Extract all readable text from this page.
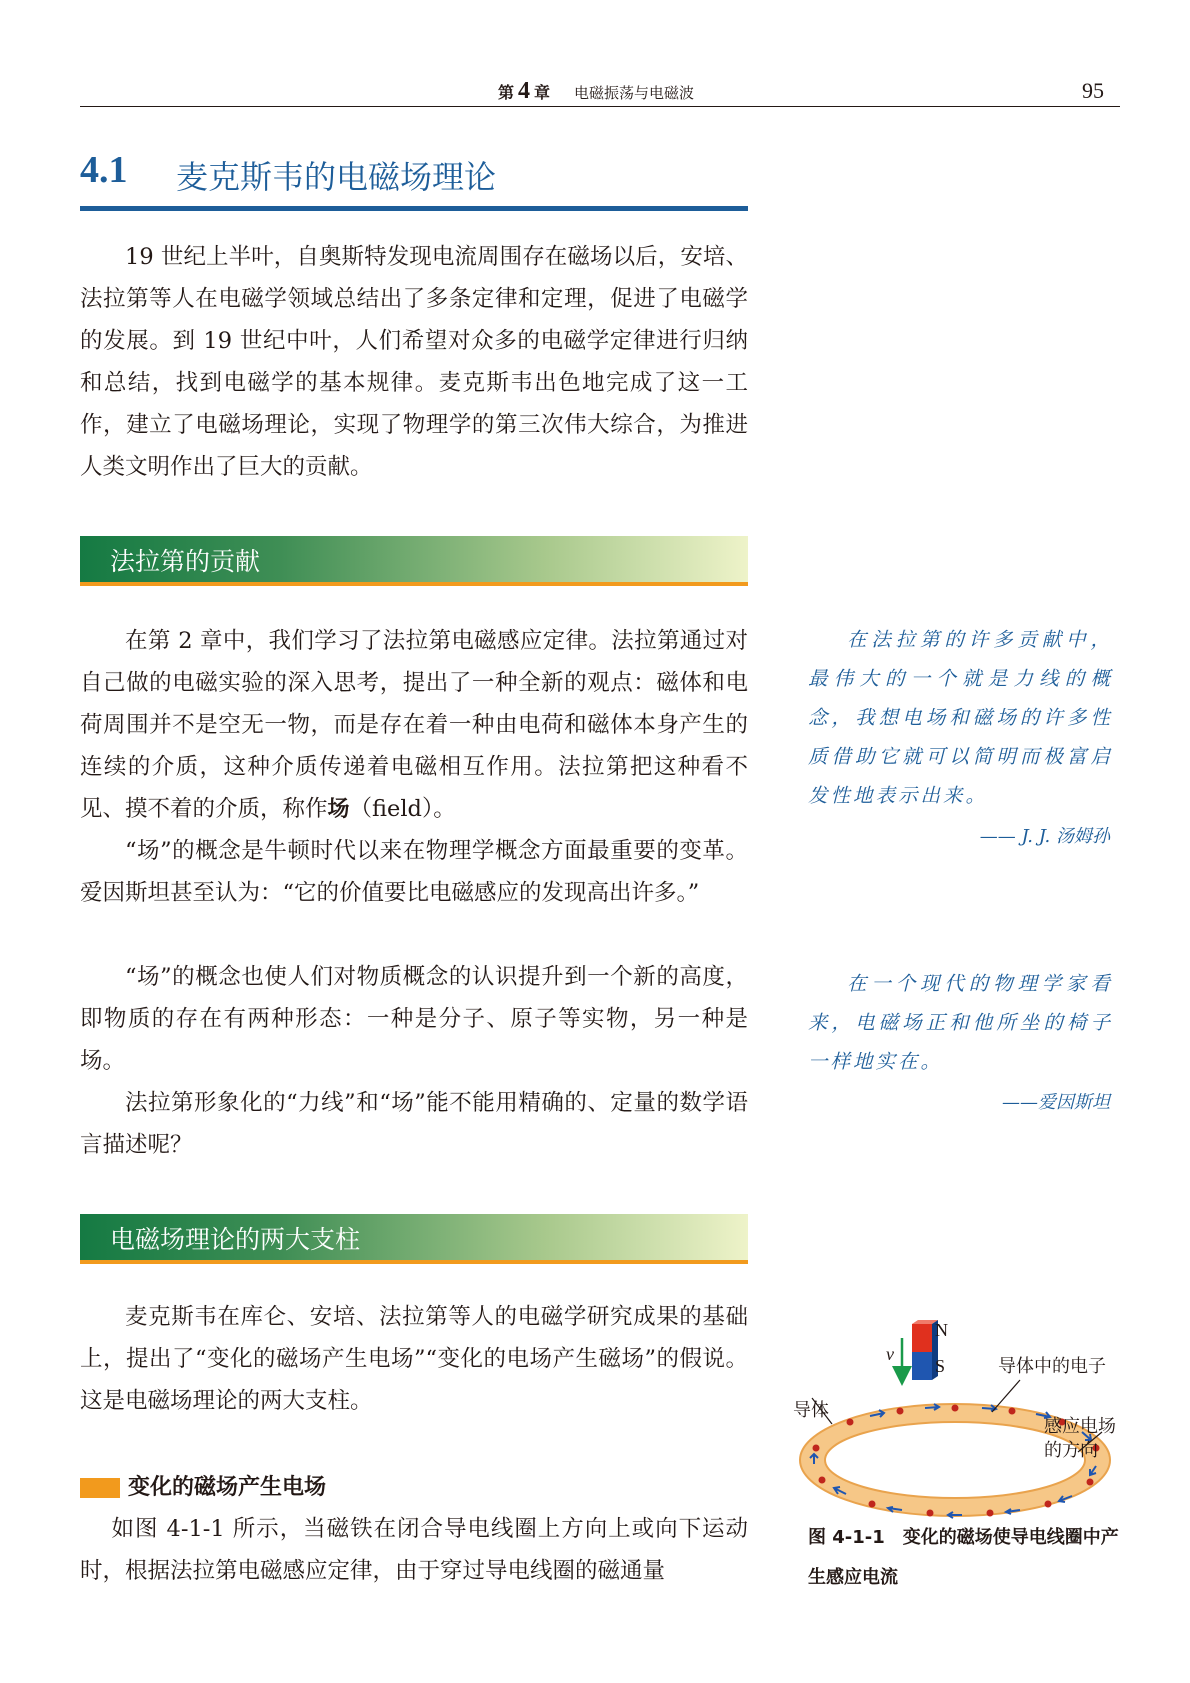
第 4 章 电磁振荡与电磁波	95
4.1 麦克斯韦的电磁场理论

19 世纪上半叶，自奥斯特发现电流周围存在磁场以后，安培、法拉第等人在电磁学领域总结出了多条定律和定理，促进了电磁学的发展。到 19 世纪中叶，人们希望对众多的电磁学定律进行归纳和总结，找到电磁学的基本规律。麦克斯韦出色地完成了这一工作，建立了电磁场理论，实现了物理学的第三次伟大综合，为推进人类文明作出了巨大的贡献。

法拉第的贡献

在第 2 章中，我们学习了法拉第电磁感应定律。法拉第通过对自己做的电磁实验的深入思考，提出了一种全新的观点：磁体和电荷周围并不是空无一物，而是存在着一种由电荷和磁体本身产生的连续的介质，这种介质传递着电磁相互作用。法拉第把这种看不见、摸不着的介质，称作场（field）。

“场”的概念是牛顿时代以来在物理学概念方面最重要的变革。爱因斯坦甚至认为：“它的价值要比电磁感应的发现高出许多。”

“场”的概念也使人们对物质概念的认识提升到一个新的高度，即物质的存在有两种形态：一种是分子、原子等实物，另一种是场。

法拉第形象化的“力线”和“场”能不能用精确的、定量的数学语言描述呢？

电磁场理论的两大支柱

麦克斯韦在库仑、安培、法拉第等人的电磁学研究成果的基础上，提出了“变化的磁场产生电场”“变化的电场产生磁场”的假说。这是电磁场理论的两大支柱。

变化的磁场产生电场

如图 4-1-1 所示，当磁铁在闭合导电线圈上方向上或向下运动时，根据法拉第电磁感应定律，由于穿过导电线圈的磁通量

在法拉第的许多贡献中，最伟大的一个就是力线的概念，我想电场和磁场的许多性质借助它就可以简明而极富启发性地表示出来。

—— J. J. 汤姆孙

在一个现代的物理学家看来，电磁场正和他所坐的椅子一样地实在。

——爱因斯坦
v
N
S	导体中的电子
导体
感应电场
的方向
图 4-1-1　变化的磁场使导电线圈中产生感应电流
